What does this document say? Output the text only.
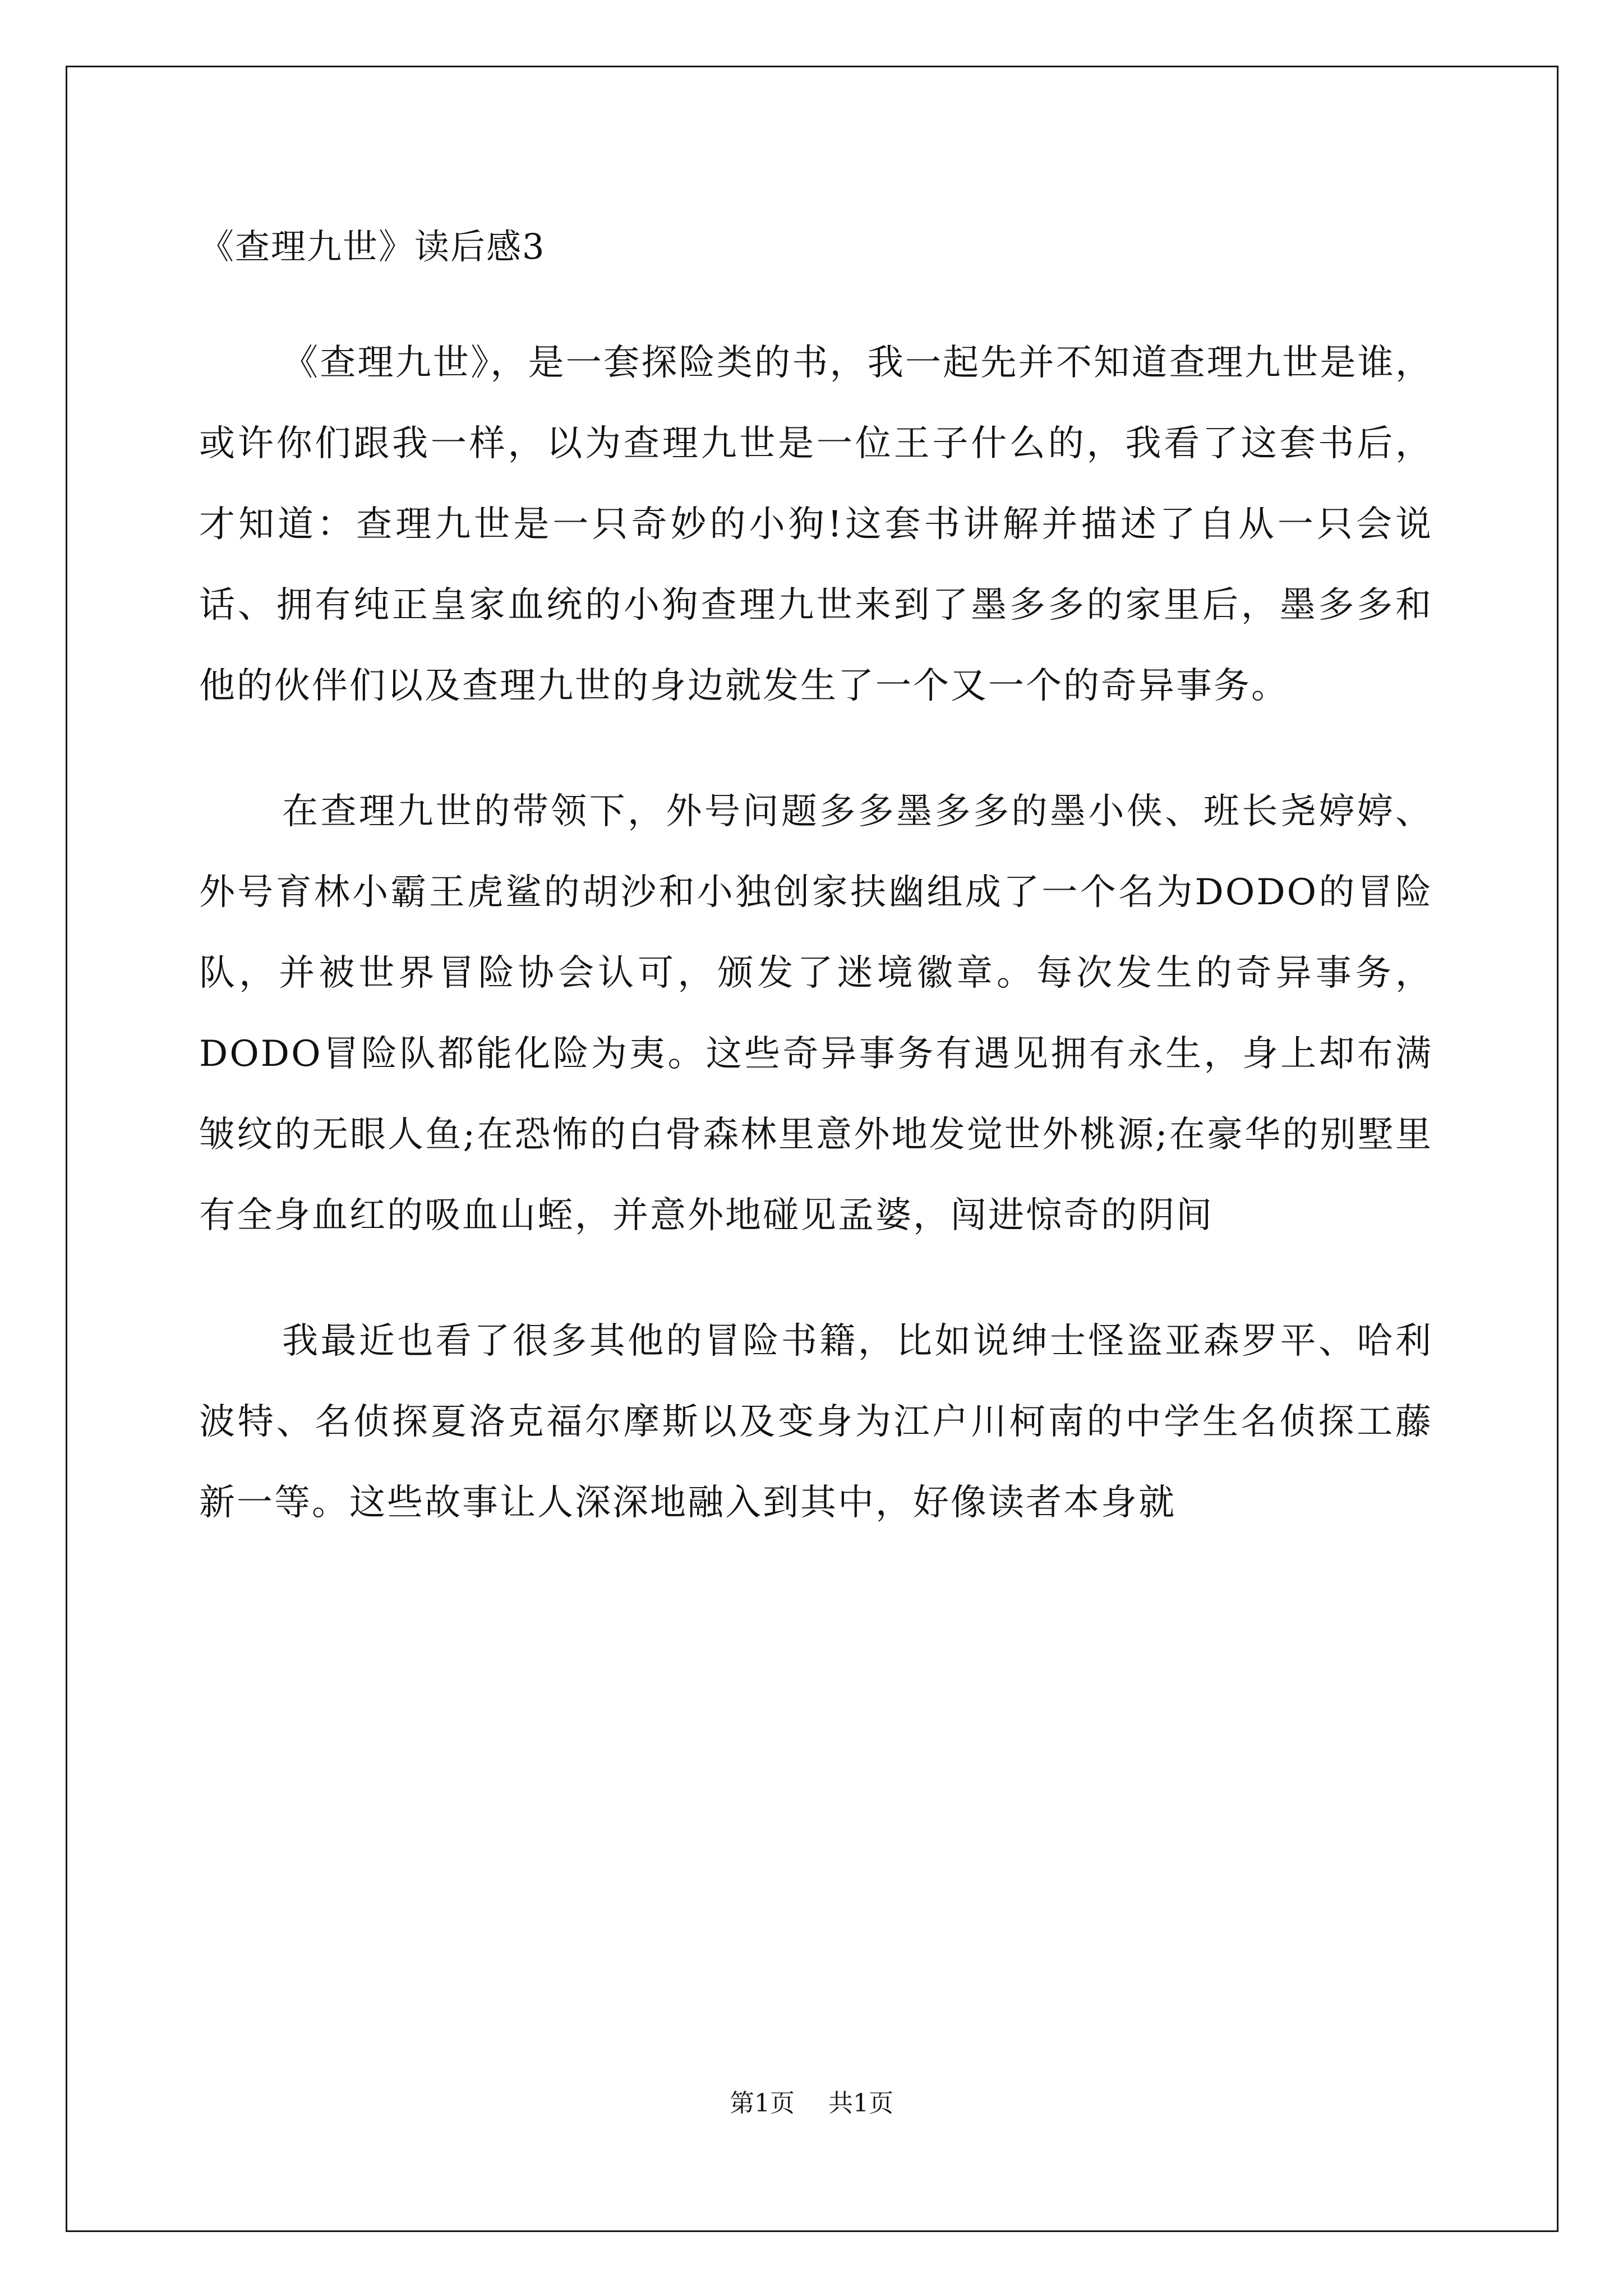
《查理九世》读后感3

《查理九世》，是一套探险类的书，我一起先并不知道查理九世是谁，或许你们跟我一样，以为查理九世是一位王子什么的，我看了这套书后，才知道：查理九世是一只奇妙的小狗!这套书讲解并描述了自从一只会说话、拥有纯正皇家血统的小狗查理九世来到了墨多多的家里后，墨多多和他的伙伴们以及查理九世的身边就发生了一个又一个的奇异事务。

在查理九世的带领下，外号问题多多墨多多的墨小侠、班长尧婷婷、外号育林小霸王虎鲨的胡沙和小独创家扶幽组成了一个名为DODO的冒险队，并被世界冒险协会认可，颁发了迷境徽章。每次发生的奇异事务，DODO冒险队都能化险为夷。这些奇异事务有遇见拥有永生，身上却布满皱纹的无眼人鱼;在恐怖的白骨森林里意外地发觉世外桃源;在豪华的别墅里有全身血红的吸血山蛭，并意外地碰见孟婆，闯进惊奇的阴间

我最近也看了很多其他的冒险书籍，比如说绅士怪盗亚森罗平、哈利波特、名侦探夏洛克福尔摩斯以及变身为江户川柯南的中学生名侦探工藤新一等。这些故事让人深深地融入到其中，好像读者本身就

第1页 共1页
